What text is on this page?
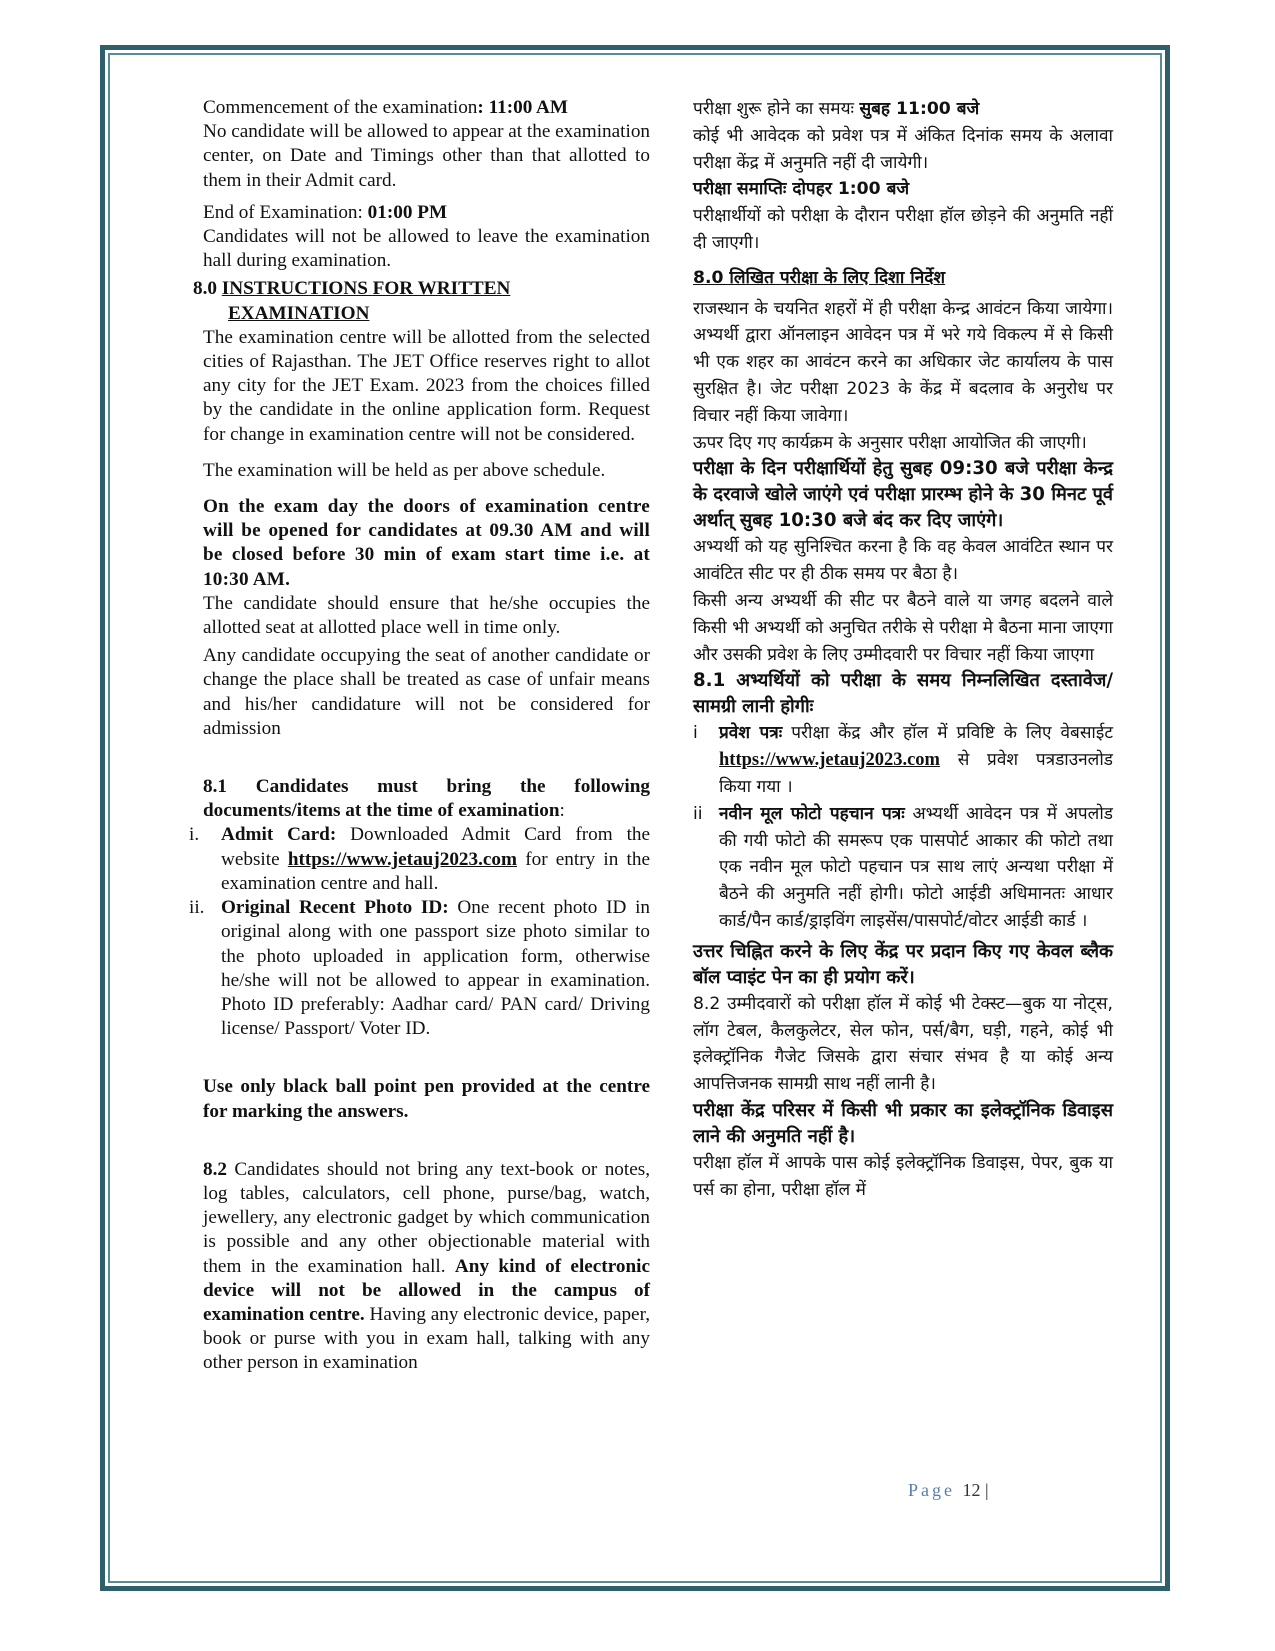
Commencement of the examination: 11:00 AM

No candidate will be allowed to appear at the examination center, on Date and Timings other than that allotted to them in their Admit card.

End of Examination: 01:00 PM

Candidates will not be allowed to leave the examination hall during examination.

8.0 INSTRUCTIONS FOR WRITTEN
EXAMINATION

The examination centre will be allotted from the selected cities of Rajasthan. The JET Office reserves right to allot any city for the JET Exam. 2023 from the choices filled by the candidate in the online application form. Request for change in examination centre will not be considered.

The examination will be held as per above schedule.

On the exam day the doors of examination centre will be opened for candidates at 09.30 AM and will be closed before 30 min of exam start time i.e. at 10:30 AM.

The candidate should ensure that he/she occupies the allotted seat at allotted place well in time only.

Any candidate occupying the seat of another candidate or change the place shall be treated as case of unfair means and his/her candidature will not be considered for admission

8.1 Candidates must bring the following documents/items at the time of examination:

i. Admit Card: Downloaded Admit Card from the website https://www.jetauj2023.com for entry in the examination centre and hall.
ii. Original Recent Photo ID: One recent photo ID in original along with one passport size photo similar to the photo uploaded in application form, otherwise he/she will not be allowed to appear in examination. Photo ID preferably: Aadhar card/ PAN card/ Driving license/ Passport/ Voter ID.

Use only black ball point pen provided at the centre for marking the answers.

8.2 Candidates should not bring any text-book or notes, log tables, calculators, cell phone, purse/bag, watch, jewellery, any electronic gadget by which communication is possible and any other objectionable material with them in the examination hall. Any kind of electronic device will not be allowed in the campus of examination centre. Having any electronic device, paper, book or purse with you in exam hall, talking with any other person in examination

परीक्षा शुरू होने का समयः सुबह 11:00 बजे

कोई भी आवेदक को प्रवेश पत्र में अंकित दिनांक समय के अलावा परीक्षा केंद्र में अनुमति नहीं दी जायेगी।

परीक्षा समाप्तिः दोपहर 1:00 बजे

परीक्षार्थीयों को परीक्षा के दौरान परीक्षा हॉल छोड़ने की अनुमति नहीं दी जाएगी।

8.0 लिखित परीक्षा के लिए दिशा निर्देश

राजस्थान के चयनित शहरों में ही परीक्षा केन्द्र आवंटन किया जायेगा। अभ्यर्थी द्वारा ऑनलाइन आवेदन पत्र में भरे गये विकल्प में से किसी भी एक शहर का आवंटन करने का अधिकार जेट कार्यालय के पास सुरक्षित है। जेट परीक्षा 2023 के केंद्र में बदलाव के अनुरोध पर विचार नहीं किया जावेगा।

ऊपर दिए गए कार्यक्रम के अनुसार परीक्षा आयोजित की जाएगी।

परीक्षा के दिन परीक्षार्थियों हेतु सुबह 09:30 बजे परीक्षा केन्द्र के दरवाजे खोले जाएंगे एवं परीक्षा प्रारम्भ होने के 30 मिनट पूर्व अर्थात् सुबह 10:30 बजे बंद कर दिए जाएंगे।

अभ्यर्थी को यह सुनिश्चित करना है कि वह केवल आवंटित स्थान पर आवंटित सीट पर ही ठीक समय पर बैठा है।

किसी अन्य अभ्यर्थी की सीट पर बैठने वाले या जगह बदलने वाले किसी भी अभ्यर्थी को अनुचित तरीके से परीक्षा मे बैठना माना जाएगा और उसकी प्रवेश के लिए उम्मीदवारी पर विचार नहीं किया जाएगा

8.1 अभ्यर्थियों को परीक्षा के समय निम्नलिखित दस्तावेज/सामग्री लानी होगीः

i प्रवेश पत्रः परीक्षा केंद्र और हॉल में प्रविष्टि के लिए वेबसाईट https://www.jetauj2023.com से प्रवेश पत्रडाउनलोड किया गया ।
ii नवीन मूल फोटो पहचान पत्रः अभ्यर्थी आवेदन पत्र में अपलोड की गयी फोटो की समरूप एक पासपोर्ट आकार की फोटो तथा एक नवीन मूल फोटो पहचान पत्र साथ लाएं अन्यथा परीक्षा में बैठने की अनुमति नहीं होगी। फोटो आईडी अधिमानतः आधार कार्ड/पैन कार्ड/ड्राइविंग लाइसेंस/पासपोर्ट/वोटर आईडी कार्ड ।

उत्तर चिह्नित करने के लिए केंद्र पर प्रदान किए गए केवल ब्लैक बॉल प्वाइंट पेन का ही प्रयोग करें।

8.2 उम्मीदवारों को परीक्षा हॉल में कोई भी टेक्स्ट—बुक या नोट्स, लॉग टेबल, कैलकुलेटर, सेल फोन, पर्स/बैग, घड़ी, गहने, कोई भी इलेक्ट्रॉनिक गैजेट जिसके द्वारा संचार संभव है या कोई अन्य आपत्तिजनक सामग्री साथ नहीं लानी है।

परीक्षा केंद्र परिसर में किसी भी प्रकार का इलेक्ट्रॉनिक डिवाइस लाने की अनुमति नहीं है।

परीक्षा हॉल में आपके पास कोई इलेक्ट्रॉनिक डिवाइस, पेपर, बुक या पर्स का होना, परीक्षा हॉल में

Page 12 |
